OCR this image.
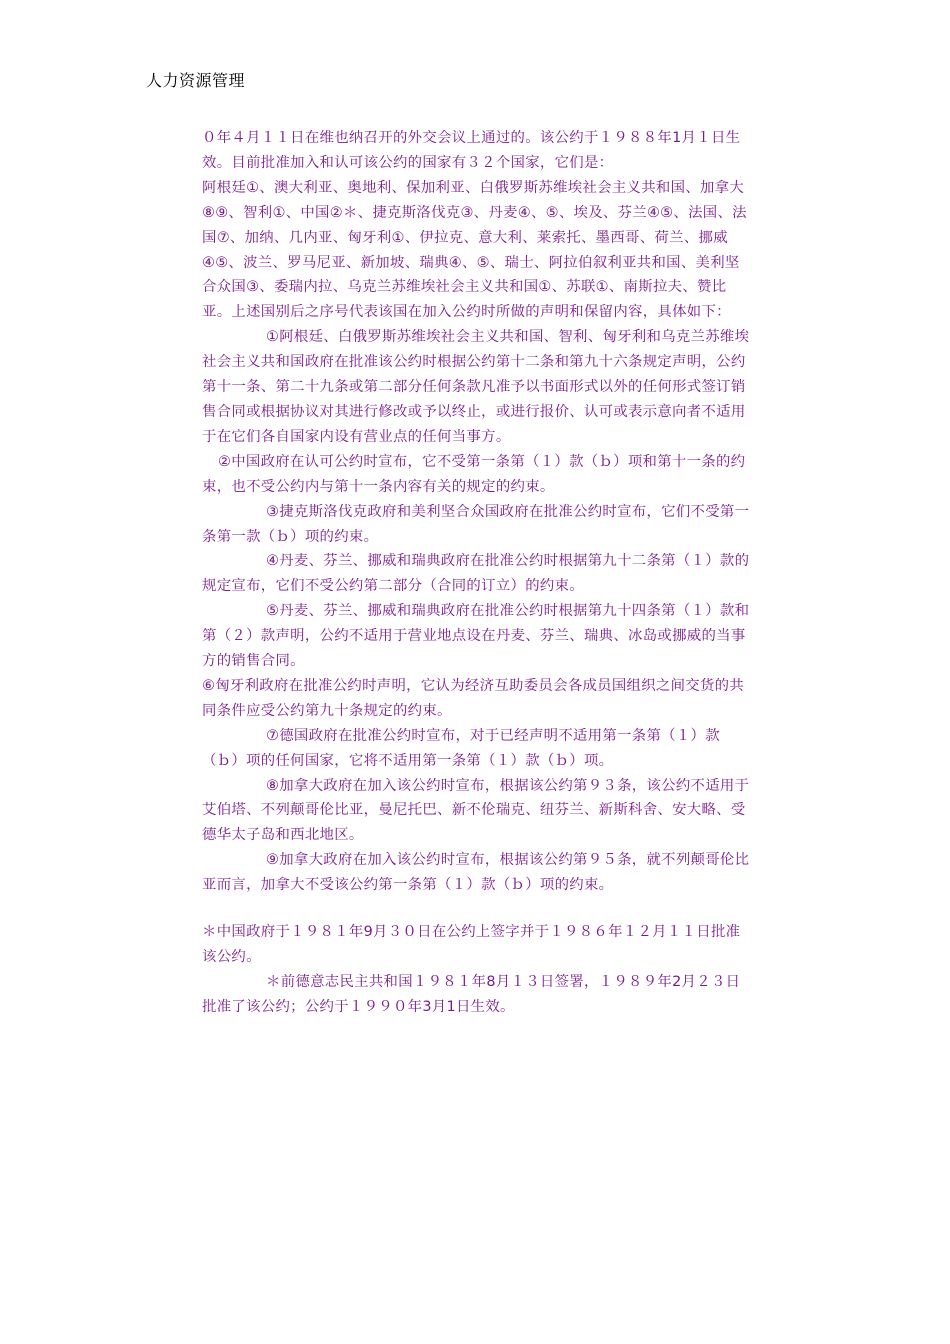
人力资源管理

０年４月１１日在维也纳召开的外交会议上通过的。该公约于１９８８年1月１日生效。目前批准加入和认可该公约的国家有３２个国家，它们是：

阿根廷①、澳大利亚、奥地利、保加利亚、白俄罗斯苏维埃社会主义共和国、加拿大⑧⑨、智利①、中国②＊、捷克斯洛伐克③、丹麦④、⑤、埃及、芬兰④⑤、法国、法国⑦、加纳、几内亚、匈牙利①、伊拉克、意大利、莱索托、墨西哥、荷兰、挪威④⑤、波兰、罗马尼亚、新加坡、瑞典④、⑤、瑞士、阿拉伯叙利亚共和国、美利坚合众国③、委瑞内拉、乌克兰苏维埃社会主义共和国①、苏联①、南斯拉夫、赞比亚。上述国别后之序号代表该国在加入公约时所做的声明和保留内容，具体如下：

①阿根廷、白俄罗斯苏维埃社会主义共和国、智利、匈牙利和乌克兰苏维埃社会主义共和国政府在批准该公约时根据公约第十二条和第九十六条规定声明，公约第十一条、第二十九条或第二部分任何条款凡准予以书面形式以外的任何形式签订销售合同或根据协议对其进行修改或予以终止，或进行报价、认可或表示意向者不适用于在它们各自国家内设有营业点的任何当事方。

②中国政府在认可公约时宣布，它不受第一条第（１）款（ｂ）项和第十一条的约束，也不受公约内与第十一条内容有关的规定的约束。

③捷克斯洛伐克政府和美利坚合众国政府在批准公约时宣布，它们不受第一条第一款（ｂ）项的约束。

④丹麦、芬兰、挪威和瑞典政府在批准公约时根据第九十二条第（１）款的规定宣布，它们不受公约第二部分（合同的订立）的约束。

⑤丹麦、芬兰、挪威和瑞典政府在批准公约时根据第九十四条第（１）款和第（２）款声明，公约不适用于营业地点设在丹麦、芬兰、瑞典、冰岛或挪威的当事方的销售合同。

⑥匈牙利政府在批准公约时声明，它认为经济互助委员会各成员国组织之间交货的共同条件应受公约第九十条规定的约束。

⑦德国政府在批准公约时宣布，对于已经声明不适用第一条第（１）款（ｂ）项的任何国家，它将不适用第一条第（１）款（ｂ）项。

⑧加拿大政府在加入该公约时宣布，根据该公约第９３条，该公约不适用于艾伯塔、不列颠哥伦比亚，曼尼托巴、新不伦瑞克、纽芬兰、新斯科舍、安大略、受德华太子岛和西北地区。

⑨加拿大政府在加入该公约时宣布，根据该公约第９５条，就不列颠哥伦比亚而言，加拿大不受该公约第一条第（１）款（ｂ）项的约束。

＊中国政府于１９８１年9月３０日在公约上签字并于１９８６年１２月１１日批准该公约。

＊前德意志民主共和国１９８１年8月１３日签署，１９８９年2月２３日批准了该公约；公约于１９９０年3月1日生效。
